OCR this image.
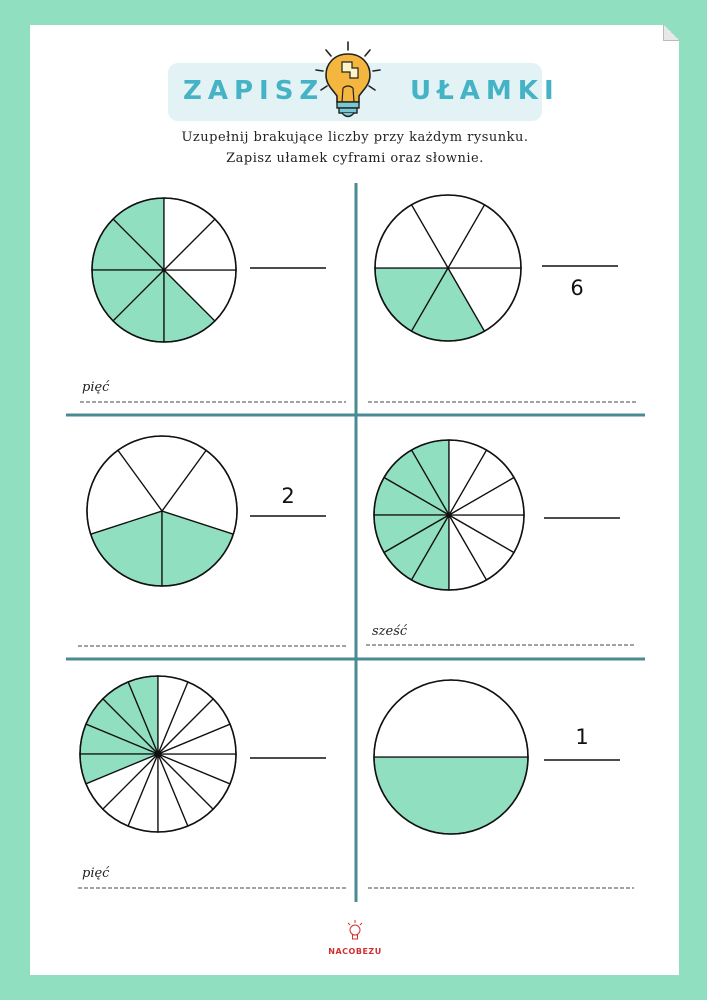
ZAPISZ	UŁAMKI
Uzupełnij brakujące liczby przy każdym rysunku.
Zapisz ułamek cyframi oraz słownie.
6
2
1
pięć
sześć
pięć
NACOBEZU
